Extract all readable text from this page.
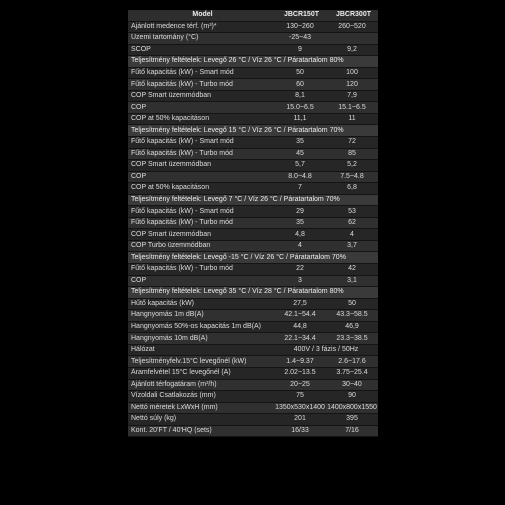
Model	JBCR150T	JBCR300T
Ajánlott medence térf. (m³)*	130~260	260~520
Üzemi tartomány (°C)	-25~43	
SCOP	9	9,2
Teljesítmény feltételek: Levegő 26 °C / Víz 26 °C / Páratartalom 80%		
Fűtő kapacitás (kW) - Smart mód	50	100
Fűtő kapacitás (kW) - Turbo mód	60	120
COP Smart üzemmódban	8,1	7,9
COP	15.0~6.5	15.1~6.5
COP at 50% kapacitáson	11,1	11
Teljesítmény feltételek: Levegő 15 °C / Víz 26 °C / Páratartalom 70%		
Fűtő kapacitás (kW) - Smart mód	35	72
Fűtő kapacitás (kW) - Turbo mód	45	85
COP Smart üzemmódban	5,7	5,2
COP	8.0~4.8	7.5~4.8
COP at 50% kapacitáson	7	6,8
Teljesítmény feltételek: Levegő 7 °C / Víz 26 °C / Páratartalom 70%		
Fűtő kapacitás (kW) - Smart mód	29	53
Fűtő kapacitás (kW) - Turbo mód	35	62
COP Smart üzemmódban	4,8	4
COP Turbo üzemmódban	4	3,7
Teljesítmény feltételek: Levegő -15 °C / Víz 26 °C / Páratartalom 70%		
Fűtő kapacitás (kW) - Turbo mód	22	42
COP	3	3,1
Teljesítmény feltételek: Levegő 35 °C / Víz 28 °C / Páratartalom 80%		
Hűtő kapacitás (kW)	27,5	50
Hangnyomás 1m dB(A)	42.1~54.4	43.3~58.5
Hangnyomás 50%-os kapacitás 1m dB(A)	44,8	46,9
Hangnyomás 10m dB(A)	22.1~34.4	23.3~38.5
Hálózat	400V / 3 fázis / 50Hz	
Teljesítményfelv.15°C levegőnél (kW)	1.4~9.37	2.6~17.6
Áramfelvétel 15°C levegőnél (A)	2.02~13.5	3.75~25.4
Ajánlott térfogatáram (m³/h)	20~25	30~40
Vízoldali Csatlakozás (mm)	75	90
Nettó méretek LxWxH (mm)	1350x530x1400	1400x800x1550
Nettó súly (kg)	201	395
Kont. 20'FT / 40'HQ (sets)	16/33	7/16
